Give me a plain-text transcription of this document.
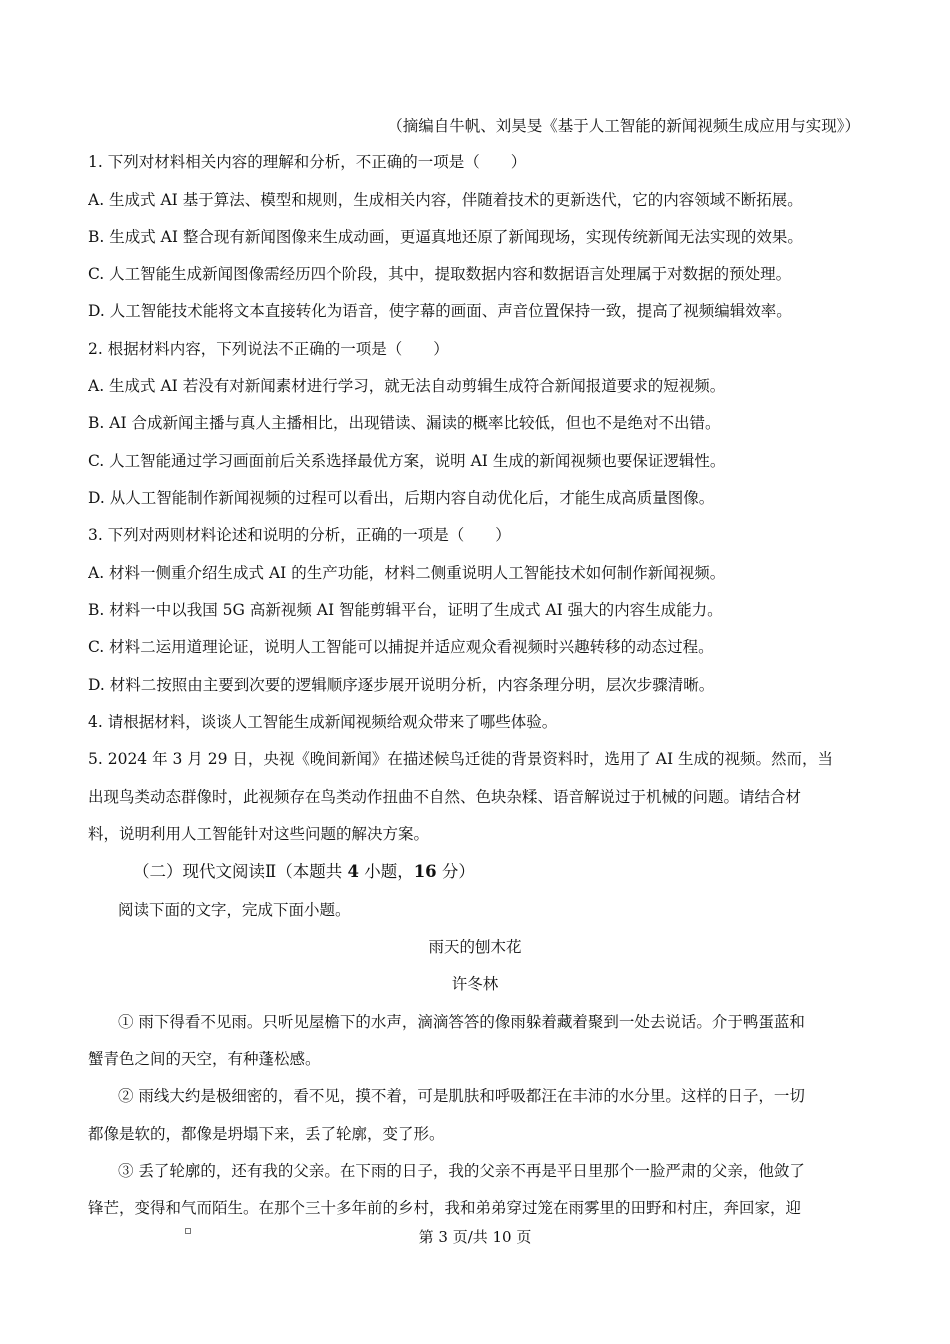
（摘编自牛帆、刘昊旻《基于人工智能的新闻视频生成应用与实现》）
1. 下列对材料相关内容的理解和分析，不正确的一项是（　　）
A. 生成式 AI 基于算法、模型和规则，生成相关内容，伴随着技术的更新迭代，它的内容领域不断拓展。
B. 生成式 AI 整合现有新闻图像来生成动画，更逼真地还原了新闻现场，实现传统新闻无法实现的效果。
C. 人工智能生成新闻图像需经历四个阶段，其中，提取数据内容和数据语言处理属于对数据的预处理。
D. 人工智能技术能将文本直接转化为语音，使字幕的画面、声音位置保持一致，提高了视频编辑效率。
2. 根据材料内容，下列说法不正确的一项是（　　）
A. 生成式 AI 若没有对新闻素材进行学习，就无法自动剪辑生成符合新闻报道要求的短视频。
B. AI 合成新闻主播与真人主播相比，出现错读、漏读的概率比较低，但也不是绝对不出错。
C. 人工智能通过学习画面前后关系选择最优方案，说明 AI 生成的新闻视频也要保证逻辑性。
D. 从人工智能制作新闻视频的过程可以看出，后期内容自动优化后，才能生成高质量图像。
3. 下列对两则材料论述和说明的分析，正确的一项是（　　）
A. 材料一侧重介绍生成式 AI 的生产功能，材料二侧重说明人工智能技术如何制作新闻视频。
B. 材料一中以我国 5G 高新视频 AI 智能剪辑平台，证明了生成式 AI 强大的内容生成能力。
C. 材料二运用道理论证，说明人工智能可以捕捉并适应观众看视频时兴趣转移的动态过程。
D. 材料二按照由主要到次要的逻辑顺序逐步展开说明分析，内容条理分明，层次步骤清晰。
4. 请根据材料，谈谈人工智能生成新闻视频给观众带来了哪些体验。
5. 2024 年 3 月 29 日，央视《晚间新闻》在描述候鸟迁徙的背景资料时，选用了 AI 生成的视频。然而，当
出现鸟类动态群像时，此视频存在鸟类动作扭曲不自然、色块杂糅、语音解说过于机械的问题。请结合材
料，说明利用人工智能针对这些问题的解决方案。
（二）现代文阅读Ⅱ（本题共 4 小题，16 分）
阅读下面的文字，完成下面小题。
雨天的刨木花
许冬林
① 雨下得看不见雨。只听见屋檐下的水声，滴滴答答的像雨躲着藏着聚到一处去说话。介于鸭蛋蓝和
蟹青色之间的天空，有种蓬松感。
② 雨线大约是极细密的，看不见，摸不着，可是肌肤和呼吸都汪在丰沛的水分里。这样的日子，一切
都像是软的，都像是坍塌下来，丢了轮廓，变了形。
③ 丢了轮廓的，还有我的父亲。在下雨的日子，我的父亲不再是平日里那个一脸严肃的父亲，他敛了
锋芒，变得和气而陌生。在那个三十多年前的乡村，我和弟弟穿过笼在雨雾里的田野和村庄，奔回家，迎
第 3 页/共 10 页
